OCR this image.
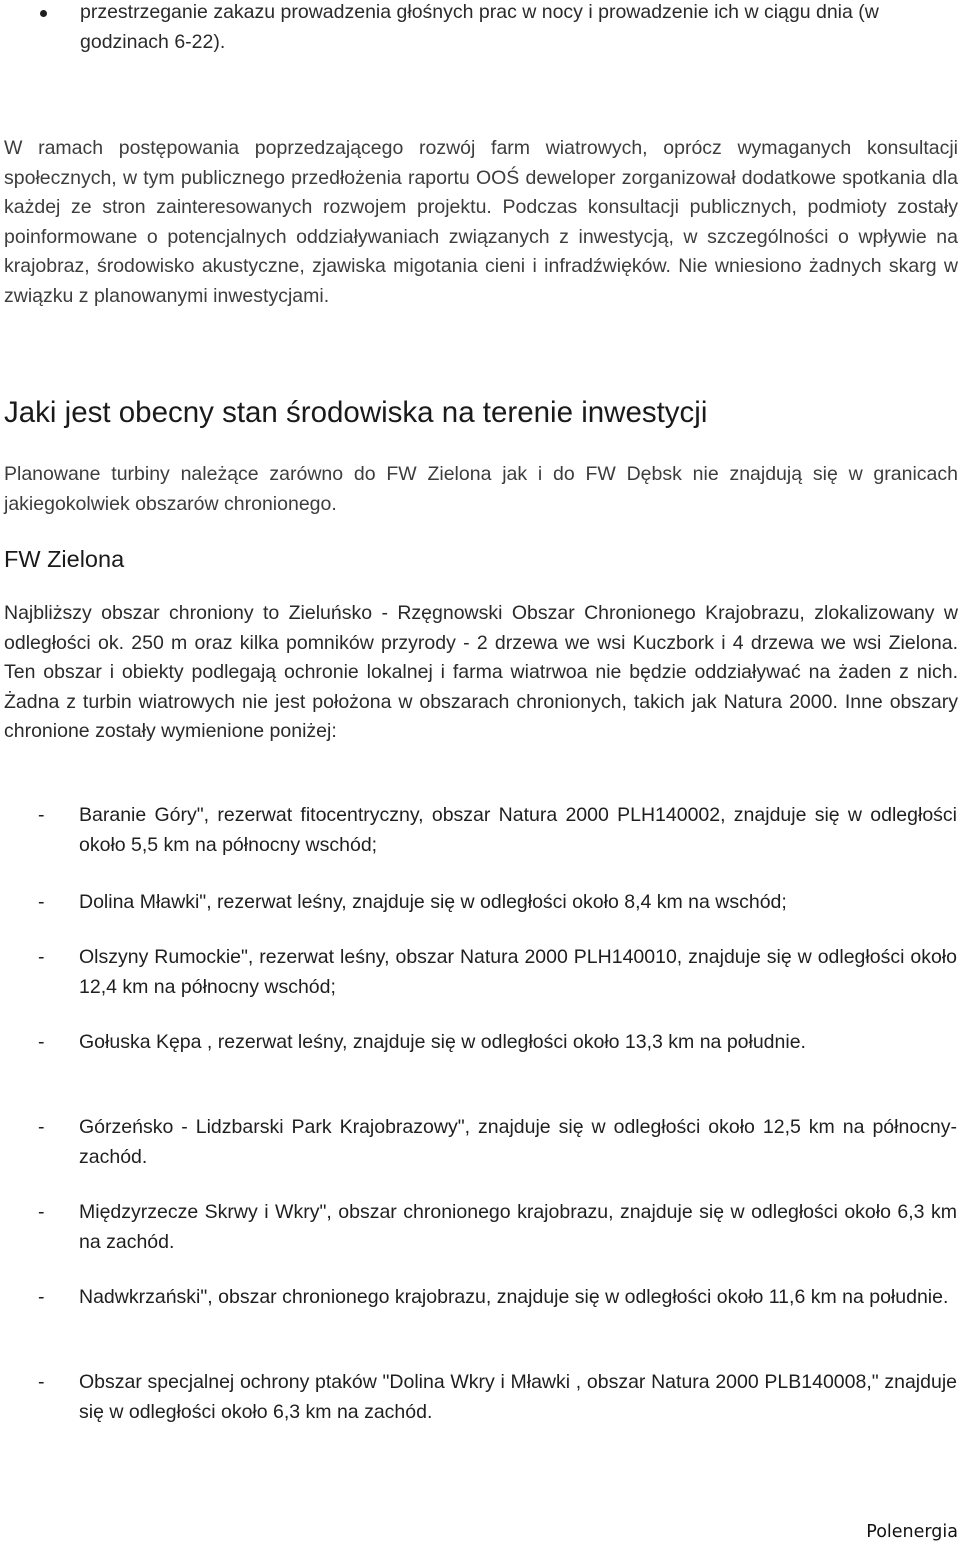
przestrzeganie zakazu prowadzenia głośnych prac w nocy i prowadzenie ich w ciągu dnia (w godzinach 6-22).

W ramach postępowania poprzedzającego rozwój farm wiatrowych, oprócz wymaganych konsultacji społecznych, w tym publicznego przedłożenia raportu OOŚ deweloper zorganizował dodatkowe spotkania dla każdej ze stron zainteresowanych rozwojem projektu. Podczas konsultacji publicznych, podmioty zostały poinformowane o potencjalnych oddziaływaniach związanych z inwestycją, w szczególności o wpływie na krajobraz, środowisko akustyczne, zjawiska migotania cieni i infradźwięków. Nie wniesiono żadnych skarg w związku z planowanymi inwestycjami.

Jaki jest obecny stan środowiska na terenie inwestycji

Planowane turbiny należące zarówno do FW Zielona jak i do FW Dębsk nie znajdują się w granicach jakiegokolwiek obszarów chronionego.

FW Zielona

Najbliższy obszar chroniony to Zieluńsko - Rzęgnowski Obszar Chronionego Krajobrazu, zlokalizowany w odległości ok. 250 m oraz kilka pomników przyrody - 2 drzewa we wsi Kuczbork i 4 drzewa we wsi Zielona. Ten obszar i obiekty podlegają ochronie lokalnej i farma wiatrwoa nie będzie oddziaływać na żaden z nich. Żadna z turbin wiatrowych nie jest położona w obszarach chronionych, takich jak Natura 2000. Inne obszary chronione zostały wymienione poniżej:

- Baranie Góry", rezerwat fitocentryczny, obszar Natura 2000 PLH140002, znajduje się w odległości około 5,5 km na północny wschód;

- Dolina Mławki", rezerwat leśny, znajduje się w odległości około 8,4 km na wschód;

- Olszyny Rumockie", rezerwat leśny, obszar Natura 2000 PLH140010, znajduje się w odległości około 12,4 km na północny wschód;

- Gołuska Kępa , rezerwat leśny, znajduje się w odległości około 13,3 km na południe.

- Górzeńsko - Lidzbarski Park Krajobrazowy", znajduje się w odległości około 12,5 km na północny-zachód.

- Międzyrzecze Skrwy i Wkry", obszar chronionego krajobrazu, znajduje się w odległości około 6,3 km na zachód.

- Nadwkrzański", obszar chronionego krajobrazu, znajduje się w odległości około 11,6 km na południe.

- Obszar specjalnej ochrony ptaków "Dolina Wkry i Mławki , obszar Natura 2000 PLB140008," znajduje się w odległości około 6,3 km na zachód.

Polenergia
